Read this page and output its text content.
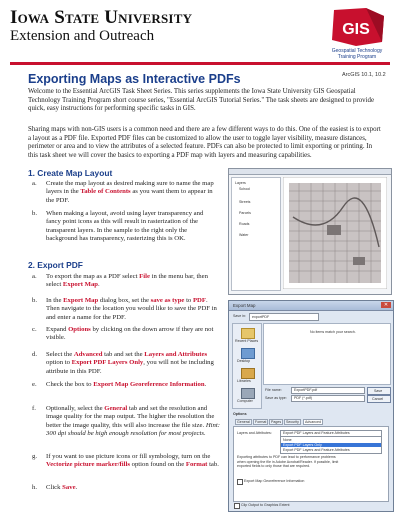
Iowa State University
Extension and Outreach	GIS
Geospatial Technology
Training Program
Exporting Maps as Interactive PDFs	ArcGIS 10.1, 10.2

Welcome to the Essential ArcGIS Task Sheet Series. This series supplements the Iowa State University GIS Geospatial Technology Training Program short course series, "Essential ArcGIS Tutorial Series." The task sheets are designed to provide quick, easy instructions for performing specific tasks in GIS.

Sharing maps with non-GIS users is a common need and there are a few different ways to do this. One of the easiest is to export a layout as a PDF file. Exported PDF files can be customized to allow the user to toggle layer visibility, measure distances, perimeter or area and to view the attributes of a selected feature. PDFs can also be protected to limit exporting or printing. In this task sheet we will cover the basics to exporting a PDF map with layers and measuring capabilities.

1. Create Map Layout
a. Create the map layout as desired making sure to name the map layers in the Table of Contents as you want them to appear in the PDF.
b. When making a layout, avoid using layer transparency and fancy point icons as this will result in rasterization of the transparent layers. In the sample to the right only the background has transparency, rasterizing this is OK.
Layers
School
Streets
Parcels
Roads
Water
2. Export PDF
a. To export the map as a PDF select File in the menu bar, then select Export Map.
b. In the Export Map dialog box, set the save as type to PDF. Then navigate to the location you would like to save the PDF in and enter a name for the PDF.
c. Expand Options by clicking on the down arrow if they are not visible.
d. Select the Advanced tab and set the Layers and Attributes option to Export PDF Layers Only, you will not be including attribute in this PDF.
e. Check the box to Export Map Georeference Information.
f. Optionally, select the General tab and set the resolution and image quality for the map output. The higher the resolution the better the image quality, this will also increase the file size. Hint: 300 dpi should be high enough resolution for most projects.
g. If you want to use picture icons or fill symbology, turn on the Vectorize picture marker/fills option found on the Format tab.
h. Click Save.
Export Map	✕
Save in: exportPDF
Recent Places
Desktop
Libraries
Computer
No items match your search.
File name:	ExportPDF.pdf	Save
Save as type: PDF (*.pdf)	Cancel
Options
General	Format	Pages	Security	Advanced
Layers and Attributes:	Export PDF Layers and Feature Attributes
None
Export PDF Layers Only
Export PDF Layers and Feature Attributes
Exporting attributes to PDF can lead to performance problems when opening the file in Adobe Acrobat/Reader. If possible, limit exported fields to only those that are required.
Export Map Georeference Information
Clip Output to Graphics Extent
